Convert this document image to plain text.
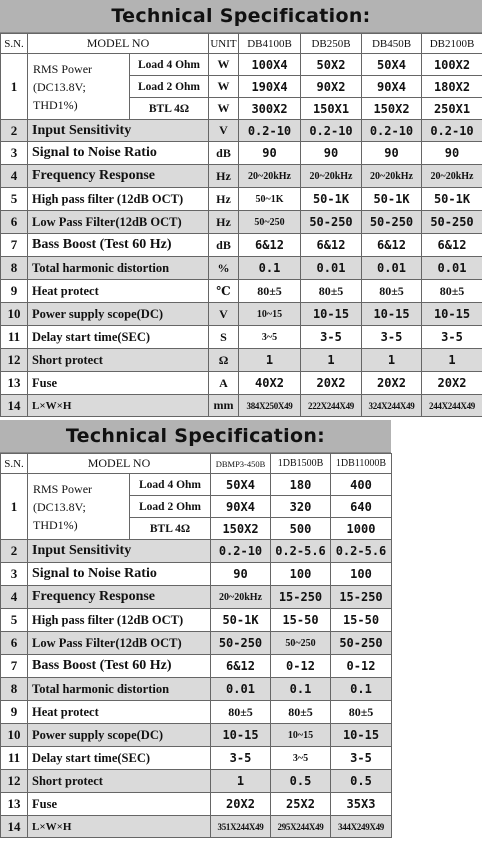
Technical Specification:
S.N.	MODEL NO		UNIT	DB4100B	DB250B	DB450B	DB2100B
1	RMS Power
(DC13.8V; THD1%)	Load 4 Ohm	W	100X4	50X2	50X4	100X2
		Load 2 Ohm	W	190X4	90X2	90X4	180X2
		BTL 4Ω	W	300X2	150X1	150X2	250X1
2	Input Sensitivity		V	0.2-10	0.2-10	0.2-10	0.2-10
3	Signal to Noise Ratio		dB	90	90	90	90
4	Frequency Response		Hz	20~20kHz	20~20kHz	20~20kHz	20~20kHz
5	High pass filter (12dB OCT)		Hz	50~1K	50-1K	50-1K	50-1K
6	Low Pass Filter(12dB OCT)		Hz	50~250	50-250	50-250	50-250
7	Bass Boost (Test 60 Hz)		dB	6&12	6&12	6&12	6&12
8	Total harmonic distortion		%	0.1	0.01	0.01	0.01
9	Heat protect		℃	80±5	80±5	80±5	80±5
10	Power supply scope(DC)		V	10~15	10-15	10-15	10-15
11	Delay start time(SEC)		S	3~5	3-5	3-5	3-5
12	Short protect		Ω	1	1	1	1
13	Fuse		A	40X2	20X2	20X2	20X2
14	L×W×H		mm	384X250X49	222X244X49	324X244X49	244X244X49
Technical Specification:
S.N.	MODEL NO		DBMP3-450B	1DB1500B	1DB11000B
1	RMS Power
(DC13.8V; THD1%)	Load 4 Ohm	50X4	180	400
		Load 2 Ohm	90X4	320	640
		BTL 4Ω	150X2	500	1000
2	Input Sensitivity		0.2-10	0.2-5.6	0.2-5.6
3	Signal to Noise Ratio		90	100	100
4	Frequency Response		20~20kHz	15-250	15-250
5	High pass filter (12dB OCT)		50-1K	15-50	15-50
6	Low Pass Filter(12dB OCT)		50-250	50~250	50-250
7	Bass Boost (Test 60 Hz)		6&12	0-12	0-12
8	Total harmonic distortion		0.01	0.1	0.1
9	Heat protect		80±5	80±5	80±5
10	Power supply scope(DC)		10-15	10~15	10-15
11	Delay start time(SEC)		3-5	3~5	3-5
12	Short protect		1	0.5	0.5
13	Fuse		20X2	25X2	35X3
14	L×W×H		351X244X49	295X244X49	344X249X49
